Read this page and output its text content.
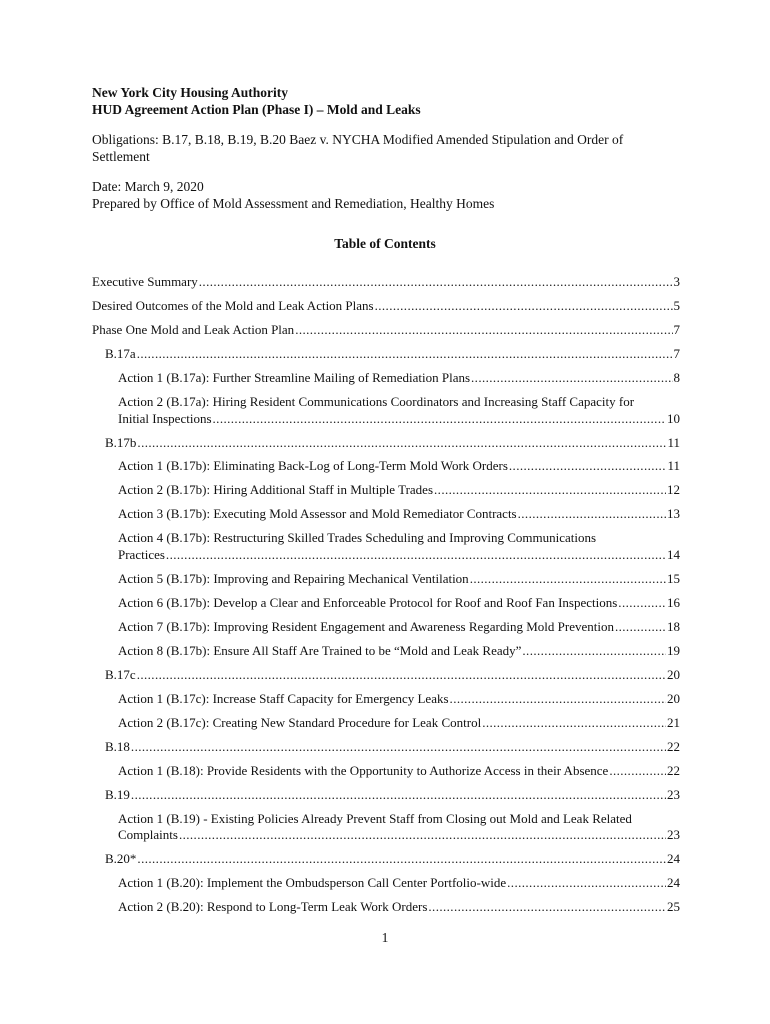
New York City Housing Authority
HUD Agreement Action Plan (Phase I) – Mold and Leaks
Obligations: B.17, B.18, B.19, B.20 Baez v. NYCHA Modified Amended Stipulation and Order of
Settlement
Date: March 9, 2020
Prepared by Office of Mold Assessment and Remediation, Healthy Homes
Table of Contents
Executive Summary .....	3
Desired Outcomes of the Mold and Leak Action Plans .....	5
Phase One Mold and Leak Action Plan .....	7
B.17a .....	7
Action 1 (B.17a): Further Streamline Mailing of Remediation Plans .....	8
Action 2 (B.17a): Hiring Resident Communications Coordinators and Increasing Staff Capacity for
Initial Inspections .....	10
B.17b .....	11
Action 1 (B.17b): Eliminating Back-Log of Long-Term Mold Work Orders .....	11
Action 2 (B.17b): Hiring Additional Staff in Multiple Trades .....	12
Action 3 (B.17b): Executing Mold Assessor and Mold Remediator Contracts .....	13
Action 4 (B.17b): Restructuring Skilled Trades Scheduling and Improving Communications
Practices .....	14
Action 5 (B.17b): Improving and Repairing Mechanical Ventilation .....	15
Action 6 (B.17b): Develop a Clear and Enforceable Protocol for Roof and Roof Fan Inspections .....	16
Action 7 (B.17b): Improving Resident Engagement and Awareness Regarding Mold Prevention .....	18
Action 8 (B.17b): Ensure All Staff Are Trained to be “Mold and Leak Ready” .....	19
B.17c .....	20
Action 1 (B.17c): Increase Staff Capacity for Emergency Leaks .....	20
Action 2 (B.17c): Creating New Standard Procedure for Leak Control .....	21
B.18 .....	22
Action 1 (B.18): Provide Residents with the Opportunity to Authorize Access in their Absence .....	22
B.19 .....	23
Action 1 (B.19) - Existing Policies Already Prevent Staff from Closing out Mold and Leak Related
Complaints .....	23
B.20* .....	24
Action 1 (B.20): Implement the Ombudsperson Call Center Portfolio-wide .....	24
Action 2 (B.20): Respond to Long-Term Leak Work Orders .....	25
1
